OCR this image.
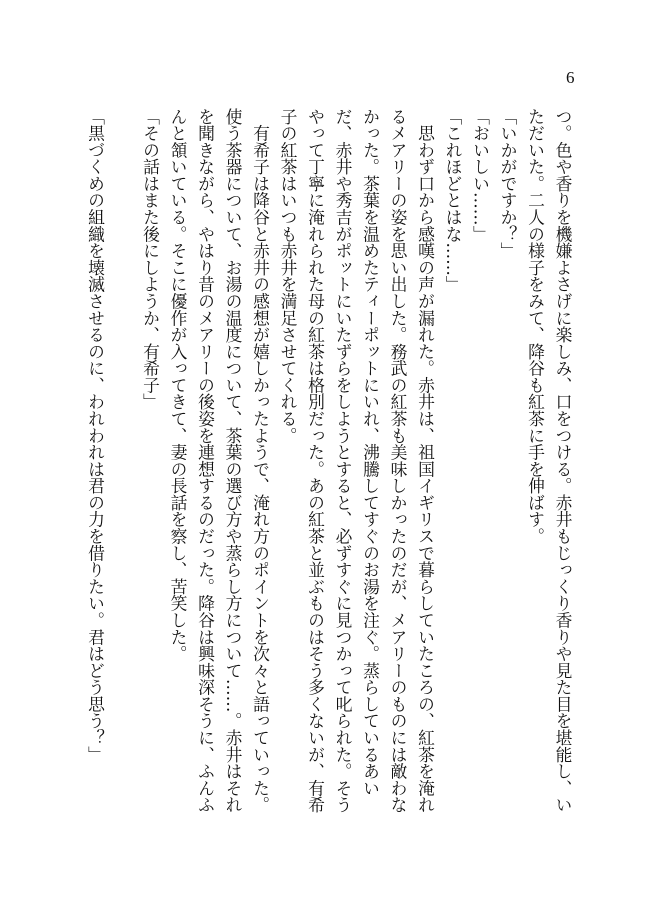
6

つ。色や香りを機嫌よさげに楽しみ、口をつける。赤井もじっくり香りや見た目を堪能し、い

ただいた。二人の様子をみて、降谷も紅茶に手を伸ばす。

「いかがですか？」

「おいしい……」

「これほどとはな……」

　思わず口から感嘆の声が漏れた。赤井は、祖国イギリスで暮らしていたころの、紅茶を淹れ

るメアリーの姿を思い出した。務武の紅茶も美味しかったのだが、メアリーのものには敵わな

かった。茶葉を温めたティーポットにいれ、沸騰してすぐのお湯を注ぐ。蒸らしているあい

だ、赤井や秀吉がポットにいたずらをしようとすると、必ずすぐに見つかって叱られた。そう

やって丁寧に淹れられた母の紅茶は格別だった。あの紅茶と並ぶものはそう多くないが、有希

子の紅茶はいつも赤井を満足させてくれる。

　有希子は降谷と赤井の感想が嬉しかったようで、淹れ方のポイントを次々と語っていった。

使う茶器について、お湯の温度について、茶葉の選び方や蒸らし方について……。赤井はそれ

を聞きながら、やはり昔のメアリーの後姿を連想するのだった。降谷は興味深そうに、ふんふ

んと頷いている。そこに優作が入ってきて、妻の長話を察し、苦笑した。

「その話はまた後にしようか、有希子」

「黒づくめの組織を壊滅させるのに、われわれは君の力を借りたい。君はどう思う？」
